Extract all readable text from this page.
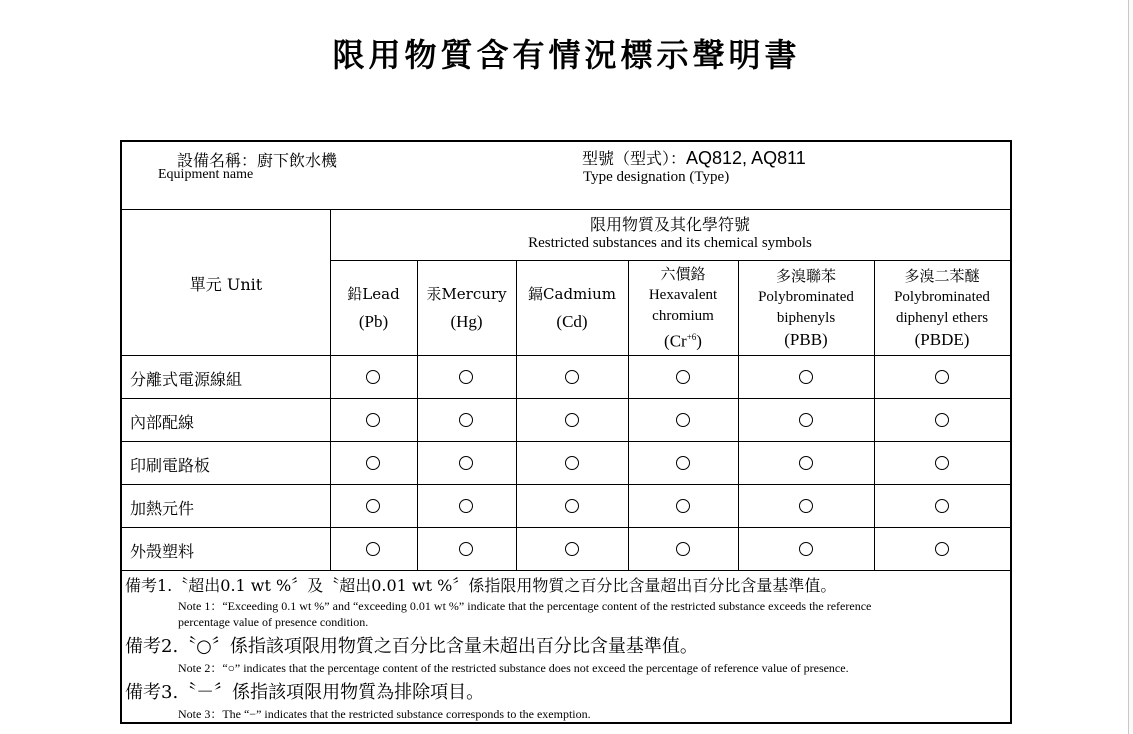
限用物質含有情況標示聲明書
設備名稱：廚下飲水機
Equipment name
型號（型式）：AQ812, AQ811
Type designation (Type)
單元 Unit
限用物質及其化學符號
Restricted substances and its chemical symbols
鉛Lead
(Pb)
汞Mercury
(Hg)
鎘Cadmium
(Cd)
六價鉻
Hexavalent
chromium
$(Cr^{+6})$
多溴聯苯
Polybrominated
biphenyls
(PBB)
多溴二苯醚
Polybrominated
diphenyl ethers
(PBDE)
分離式電源線組
內部配線
印刷電路板
加熱元件
外殼塑料
備考1.〝超出0.1 wt %〞及〝超出0.01 wt %〞係指限用物質之百分比含量超出百分比含量基準值。
Note 1：“Exceeding 0.1 wt %” and “exceeding 0.01 wt %” indicate that the percentage content of the restricted substance exceeds the reference
percentage value of presence condition.
備考2.〝○〞係指該項限用物質之百分比含量未超出百分比含量基準值。
Note 2：“○” indicates that the percentage content of the restricted substance does not exceed the percentage of reference value of presence.
備考3.〝－〞係指該項限用物質為排除項目。
Note 3：The “−” indicates that the restricted substance corresponds to the exemption.
